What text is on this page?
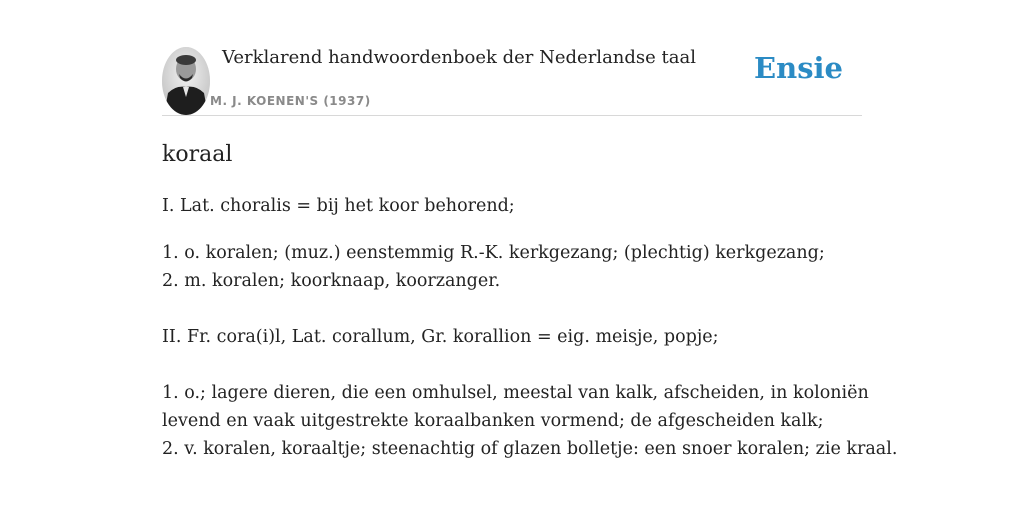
Verklarend handwoordenboek der Nederlandse taal
M. J. KOENEN'S (1937)
Ensie
koraal
I. Lat. choralis = bij het koor behorend;
1. o. koralen; (muz.) eenstemmig R.-K. kerkgezang; (plechtig) kerkgezang;
2. m. koralen; koorknaap, koorzanger.
II. Fr. cora(i)l, Lat. corallum, Gr. korallion = eig. meisje, popje;
1. o.; lagere dieren, die een omhulsel, meestal van kalk, afscheiden, in koloniën
levend en vaak uitgestrekte koraalbanken vormend; de afgescheiden kalk;
2. v. koralen, koraaltje; steenachtig of glazen bolletje: een snoer koralen; zie kraal.
